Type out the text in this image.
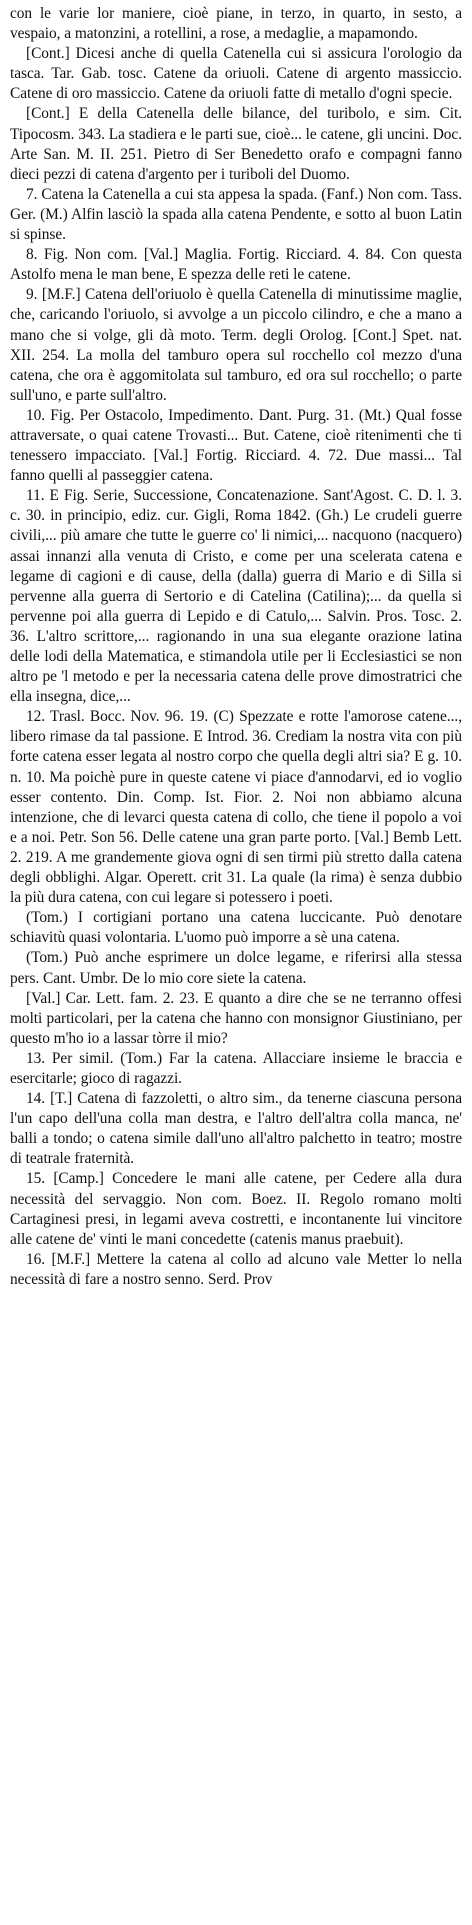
con le varie lor maniere, cioè piane, in terzo, in quarto, in sesto, a vespaio, a matonzini, a rotellini, a rose, a medaglie, a mapamondo.

[Cont.] Dicesi anche di quella Catenella cui si assicura l'orologio da tasca. Tar. Gab. tosc. Catene da oriuoli. Catene di argento massiccio. Catene di oro massiccio. Catene da oriuoli fatte di metallo d'ogni specie.

[Cont.] E della Catenella delle bilance, del turibolo, e sim. Cit. Tipocosm. 343. La stadiera e le parti sue, cioè... le catene, gli uncini. Doc. Arte San. M. II. 251. Pietro di Ser Benedetto orafo e compagni fanno dieci pezzi di catena d'argento per i turiboli del Duomo.

7. Catena la Catenella a cui sta appesa la spada. (Fanf.) Non com. Tass. Ger. (M.) Alfin lasciò la spada alla catena Pendente, e sotto al buon Latin si spinse.

8. Fig. Non com. [Val.] Maglia. Fortig. Ricciard. 4. 84. Con questa Astolfo mena le man bene, E spezza delle reti le catene.

9. [M.F.] Catena dell'oriuolo è quella Catenella di minutissime maglie, che, caricando l'oriuolo, si avvolge a un piccolo cilindro, e che a mano a mano che si volge, gli dà moto. Term. degli Orolog. [Cont.] Spet. nat. XII. 254. La molla del tamburo opera sul rocchello col mezzo d'una catena, che ora è aggomitolata sul tamburo, ed ora sul rocchello; o parte sull'uno, e parte sull'altro.

10. Fig. Per Ostacolo, Impedimento. Dant. Purg. 31. (Mt.) Qual fosse attraversate, o quai catene Trovasti... But. Catene, cioè ritenimenti che ti tenessero impacciato. [Val.] Fortig. Ricciard. 4. 72. Due massi... Tal fanno quelli al passeggier catena.

11. E Fig. Serie, Successione, Concatenazione. Sant'Agost. C. D. l. 3. c. 30. in principio, ediz. cur. Gigli, Roma 1842. (Gh.) Le crudeli guerre civili,... più amare che tutte le guerre co' li nimici,... nacquono (nacquero) assai innanzi alla venuta di Cristo, e come per una scelerata catena e legame di cagioni e di cause, della (dalla) guerra di Mario e di Silla si pervenne alla guerra di Sertorio e di Catelina (Catilina);... da quella si pervenne poi alla guerra di Lepido e di Catulo,... Salvin. Pros. Tosc. 2. 36. L'altro scrittore,... ragionando in una sua elegante orazione latina delle lodi della Matematica, e stimandola utile per li Ecclesiastici se non altro pe 'l metodo e per la necessaria catena delle prove dimostratrici che ella insegna, dice,...

12. Trasl. Bocc. Nov. 96. 19. (C) Spezzate e rotte l'amorose catene..., libero rimase da tal passione. E Introd. 36. Crediam la nostra vita con più forte catena esser legata al nostro corpo che quella degli altri sia? E g. 10. n. 10. Ma poichè pure in queste catene vi piace d'annodarvi, ed io voglio esser contento. Din. Comp. Ist. Fior. 2. Noi non abbiamo alcuna intenzione, che di levarci questa catena di collo, che tiene il popolo a voi e a noi. Petr. Son 56. Delle catene una gran parte porto. [Val.] Bemb Lett. 2. 219. A me grandemente giova ogni di sen tirmi più stretto dalla catena degli obblighi. Algar. Operett. crit 31. La quale (la rima) è senza dubbio la più dura catena, con cui legare si potessero i poeti.

(Tom.) I cortigiani portano una catena luccicante. Può denotare schiavitù quasi volontaria. L'uomo può imporre a sè una catena.

(Tom.) Può anche esprimere un dolce legame, e riferirsi alla stessa pers. Cant. Umbr. De lo mio core siete la catena.

[Val.] Car. Lett. fam. 2. 23. E quanto a dire che se ne terranno offesi molti particolari, per la catena che hanno con monsignor Giustiniano, per questo m'ho io a lassar tòrre il mio?

13. Per simil. (Tom.) Far la catena. Allacciare insieme le braccia e esercitarle; gioco di ragazzi.

14. [T.] Catena di fazzoletti, o altro sim., da tenerne ciascuna persona l'un capo dell'una colla man destra, e l'altro dell'altra colla manca, ne' balli a tondo; o catena simile dall'uno all'altro palchetto in teatro; mostre di teatrale fraternità.

15. [Camp.] Concedere le mani alle catene, per Cedere alla dura necessità del servaggio. Non com. Boez. II. Regolo romano molti Cartaginesi presi, in legami aveva costretti, e incontanente lui vincitore alle catene de' vinti le mani concedette (catenis manus praebuit).

16. [M.F.] Mettere la catena al collo ad alcuno vale Metter lo nella necessità di fare a nostro senno. Serd. Prov
